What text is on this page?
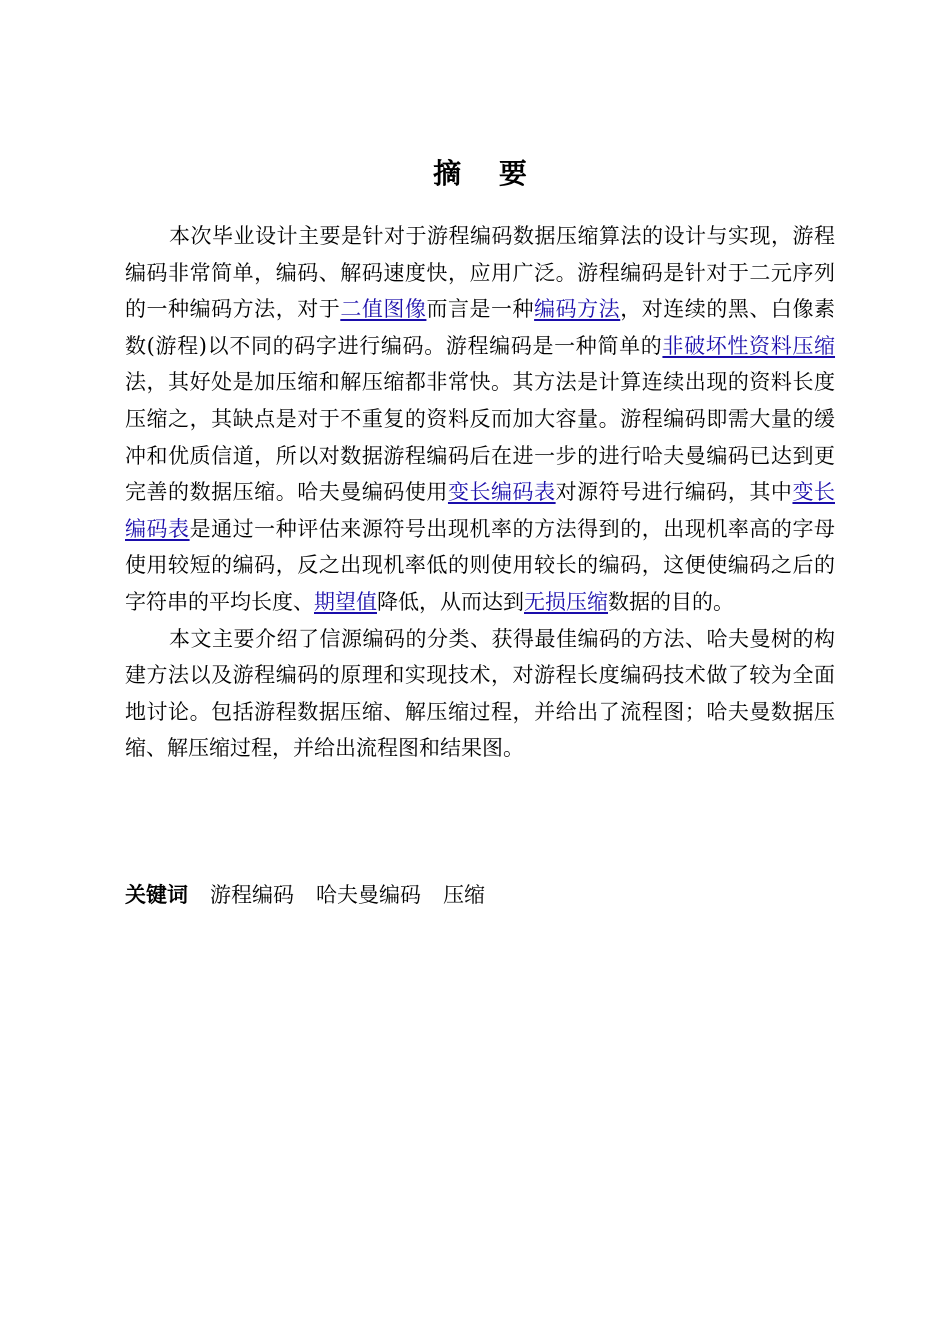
摘 要

本次毕业设计主要是针对于游程编码数据压缩算法的设计与实现，游程编码非常简单，编码、解码速度快，应用广泛。游程编码是针对于二元序列的一种编码方法，对于二值图像而言是一种编码方法，对连续的黑、白像素数(游程)以不同的码字进行编码。游程编码是一种简单的非破坏性资料压缩法，其好处是加压缩和解压缩都非常快。其方法是计算连续出现的资料长度压缩之，其缺点是对于不重复的资料反而加大容量。游程编码即需大量的缓冲和优质信道，所以对数据游程编码后在进一步的进行哈夫曼编码已达到更完善的数据压缩。哈夫曼编码使用变长编码表对源符号进行编码，其中变长编码表是通过一种评估来源符号出现机率的方法得到的，出现机率高的字母使用较短的编码，反之出现机率低的则使用较长的编码，这便使编码之后的字符串的平均长度、期望值降低，从而达到无损压缩数据的目的。

本文主要介绍了信源编码的分类、获得最佳编码的方法、哈夫曼树的构建方法以及游程编码的原理和实现技术，对游程长度编码技术做了较为全面地讨论。包括游程数据压缩、解压缩过程，并给出了流程图；哈夫曼数据压缩、解压缩过程，并给出流程图和结果图。

关键词 游程编码 哈夫曼编码 压缩
